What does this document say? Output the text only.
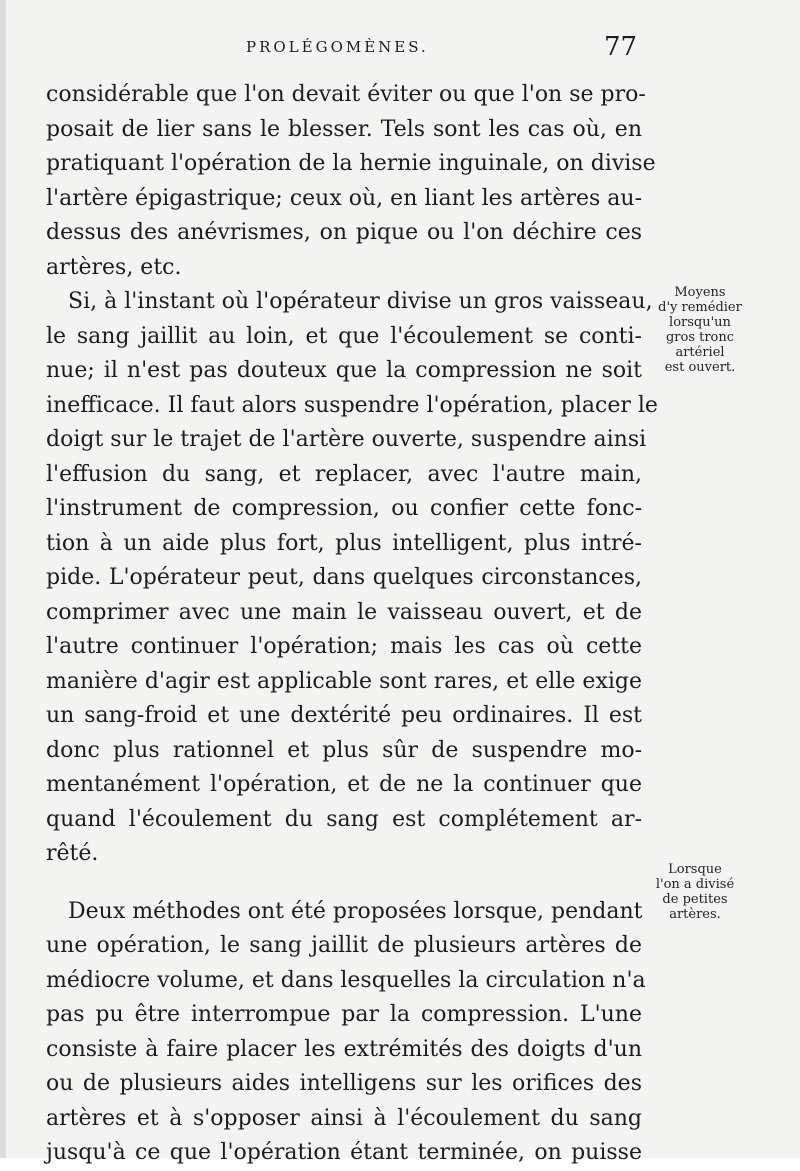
PROLÉGOMÈNES.	77

considérable que l'on devait éviter ou que l'on se pro-
posait de lier sans le blesser. Tels sont les cas où, en
pratiquant l'opération de la hernie inguinale, on divise
l'artère épigastrique; ceux où, en liant les artères au-
dessus des anévrismes, on pique ou l'on déchire ces
artères, etc.

Si, à l'instant où l'opérateur divise un gros vaisseau,
le sang jaillit au loin, et que l'écoulement se conti-
nue; il n'est pas douteux que la compression ne soit
inefficace. Il faut alors suspendre l'opération, placer le
doigt sur le trajet de l'artère ouverte, suspendre ainsi
l'effusion du sang, et replacer, avec l'autre main,
l'instrument de compression, ou confier cette fonc-
tion à un aide plus fort, plus intelligent, plus intré-
pide. L'opérateur peut, dans quelques circonstances,
comprimer avec une main le vaisseau ouvert, et de
l'autre continuer l'opération; mais les cas où cette
manière d'agir est applicable sont rares, et elle exige
un sang-froid et une dextérité peu ordinaires. Il est
donc plus rationnel et plus sûr de suspendre mo-
mentanément l'opération, et de ne la continuer que
quand l'écoulement du sang est complétement ar-
rêté.

Deux méthodes ont été proposées lorsque, pendant
une opération, le sang jaillit de plusieurs artères de
médiocre volume, et dans lesquelles la circulation n'a
pas pu être interrompue par la compression. L'une
consiste à faire placer les extrémités des doigts d'un
ou de plusieurs aides intelligens sur les orifices des
artères et à s'opposer ainsi à l'écoulement du sang
jusqu'à ce que l'opération étant terminée, on puisse

Moyens
d'y remédier
lorsqu'un
gros tronc
artériel
est ouvert.
Lorsque
l'on a divisé
de petites
artères.
